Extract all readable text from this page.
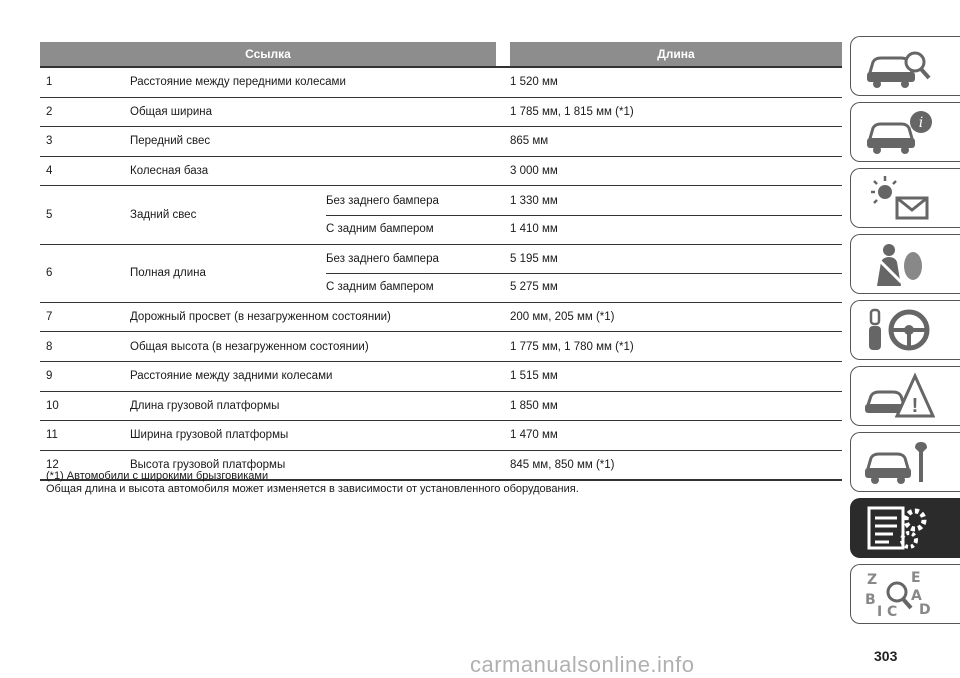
Ссылка	Длина
1	Расстояние между передними колесами	1 520 мм
2	Общая ширина	1 785 мм, 1 815 мм (*1)
3	Передний свес	865 мм
4	Колесная база	3 000 мм
5	Задний свес
Без заднего бампера	1 330 мм
С задним бампером	1 410 мм
6	Полная длина
Без заднего бампера	5 195 мм
С задним бампером	5 275 мм
7	Дорожный просвет (в незагруженном состоянии)	200 мм, 205 мм (*1)
8	Общая высота (в незагруженном состоянии)	1 775 мм, 1 780 мм (*1)
9	Расстояние между задними колесами	1 515 мм
10	Длина грузовой платформы	1 850 мм
11	Ширина грузовой платформы	1 470 мм
12	Высота грузовой платформы	845 мм, 850 мм (*1)
(*1) Автомобили с широкими брызговиками
Общая длина и высота автомобиля может изменяется в зависимости от установленного оборудования.
i
!
Z E
B	A
I C D
carmanualsonline.info	303
